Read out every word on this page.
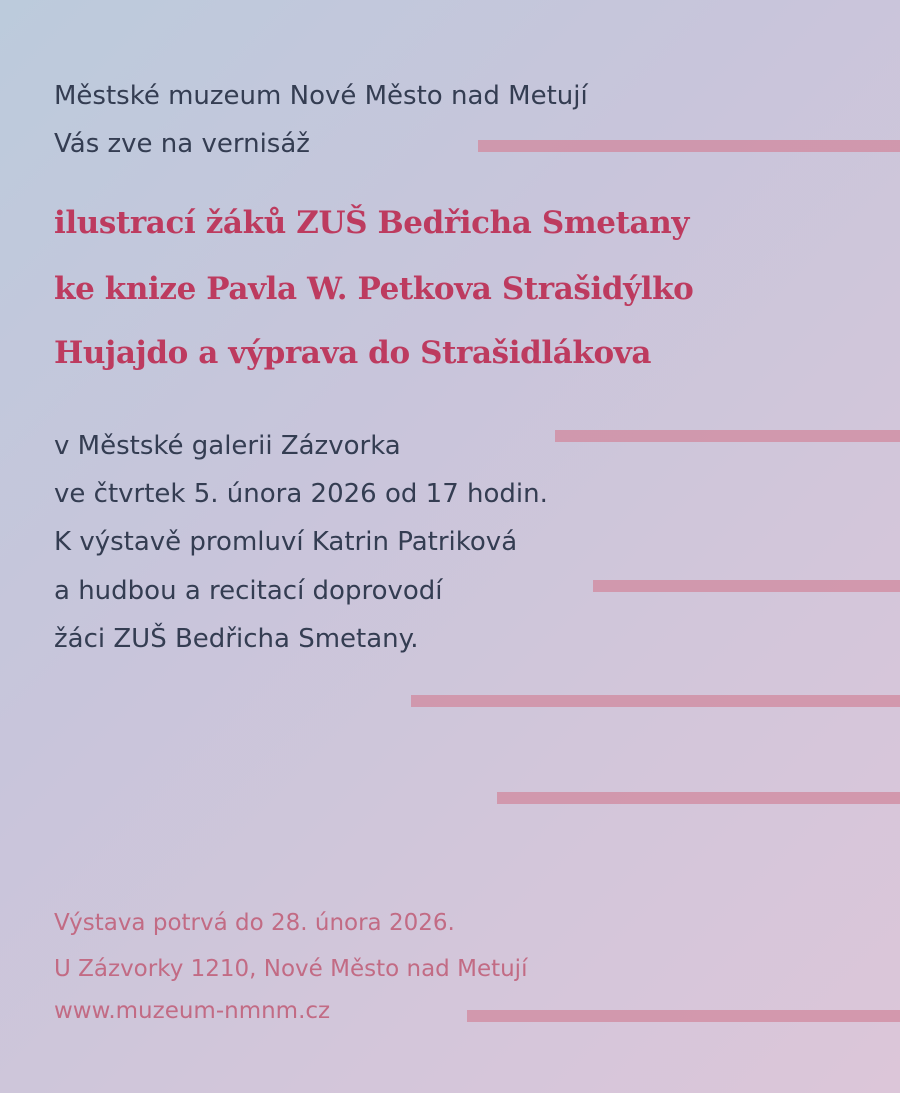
Městské muzeum Nové Město nad Metují

Vás zve na vernisáž

ilustrací žáků ZUŠ Bedřicha Smetany

ke knize Pavla W. Petkova Strašidýlko

Hujajdo a výprava do Strašidlákova

v Městské galerii Zázvorka

ve čtvrtek 5. února 2026 od 17 hodin.

K výstavě promluví Katrin Patriková

a hudbou a recitací doprovodí

žáci ZUŠ Bedřicha Smetany.

Výstava potrvá do 28. února 2026.

U Zázvorky 1210, Nové Město nad Metují

www.muzeum-nmnm.cz
